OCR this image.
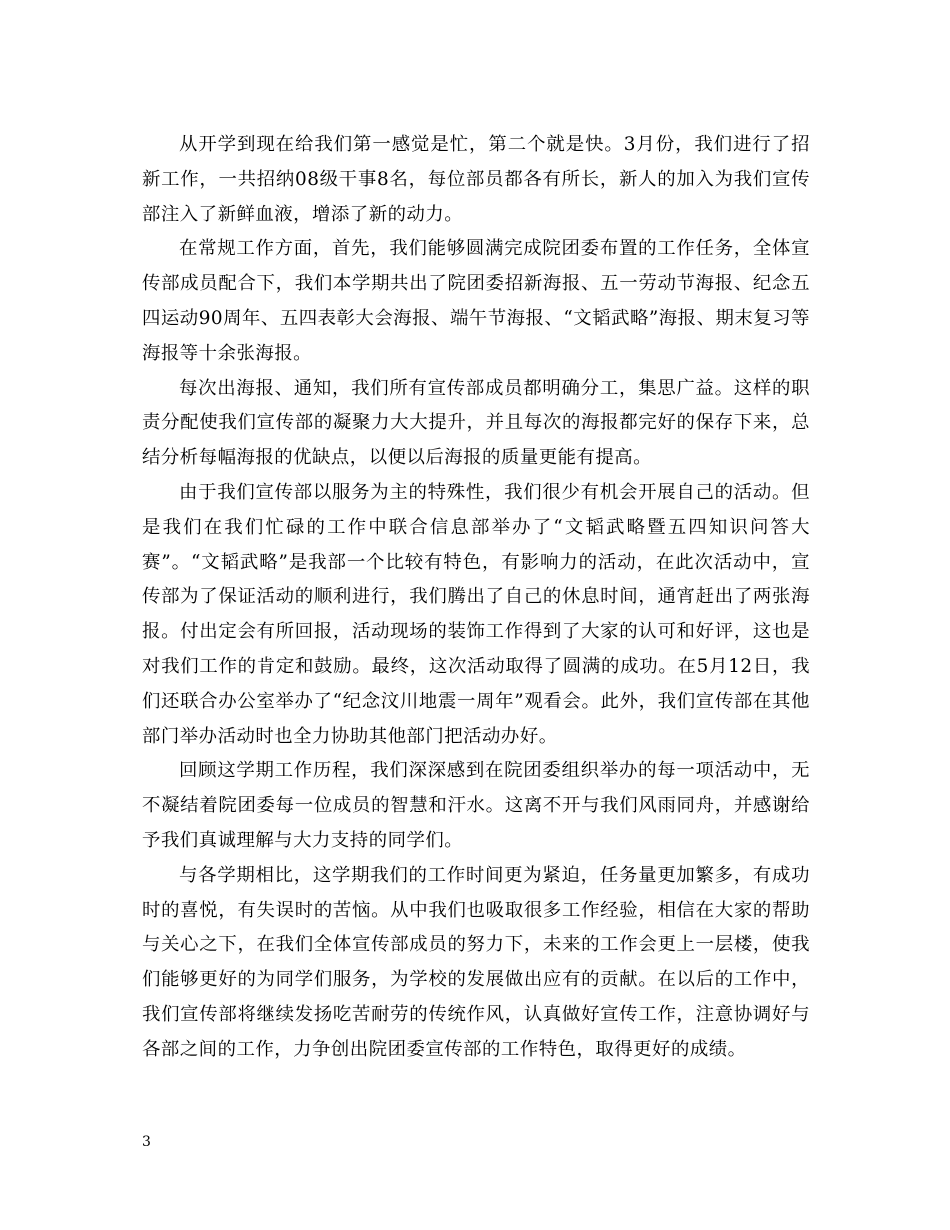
从开学到现在给我们第一感觉是忙，第二个就是快。3月份，我们进行了招新工作，一共招纳08级干事8名，每位部员都各有所长，新人的加入为我们宣传部注入了新鲜血液，增添了新的动力。

在常规工作方面，首先，我们能够圆满完成院团委布置的工作任务，全体宣传部成员配合下，我们本学期共出了院团委招新海报、五一劳动节海报、纪念五四运动90周年、五四表彰大会海报、端午节海报、“文韬武略”海报、期末复习等海报等十余张海报。

每次出海报、通知，我们所有宣传部成员都明确分工，集思广益。这样的职责分配使我们宣传部的凝聚力大大提升，并且每次的海报都完好的保存下来，总结分析每幅海报的优缺点，以便以后海报的质量更能有提高。

由于我们宣传部以服务为主的特殊性，我们很少有机会开展自己的活动。但是我们在我们忙碌的工作中联合信息部举办了“文韬武略暨五四知识问答大赛”。“文韬武略”是我部一个比较有特色，有影响力的活动，在此次活动中，宣传部为了保证活动的顺利进行，我们腾出了自己的休息时间，通宵赶出了两张海报。付出定会有所回报，活动现场的装饰工作得到了大家的认可和好评，这也是对我们工作的肯定和鼓励。最终，这次活动取得了圆满的成功。在5月12日，我们还联合办公室举办了“纪念汶川地震一周年”观看会。此外，我们宣传部在其他部门举办活动时也全力协助其他部门把活动办好。

回顾这学期工作历程，我们深深感到在院团委组织举办的每一项活动中，无不凝结着院团委每一位成员的智慧和汗水。这离不开与我们风雨同舟，并感谢给予我们真诚理解与大力支持的同学们。

与各学期相比，这学期我们的工作时间更为紧迫，任务量更加繁多，有成功时的喜悦，有失误时的苦恼。从中我们也吸取很多工作经验，相信在大家的帮助与关心之下，在我们全体宣传部成员的努力下，未来的工作会更上一层楼，使我们能够更好的为同学们服务，为学校的发展做出应有的贡献。在以后的工作中，我们宣传部将继续发扬吃苦耐劳的传统作风，认真做好宣传工作，注意协调好与各部之间的工作，力争创出院团委宣传部的工作特色，取得更好的成绩。

3
